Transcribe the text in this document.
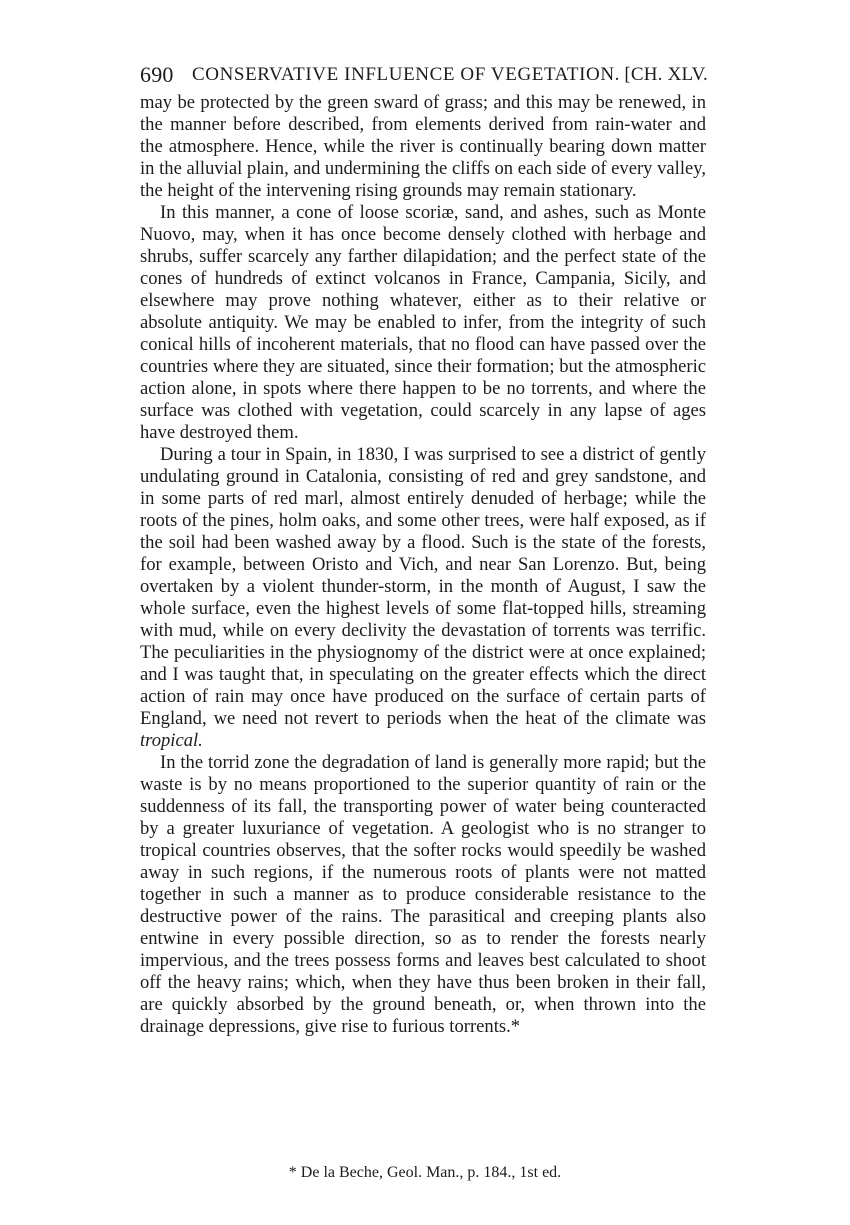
690 CONSERVATIVE INFLUENCE OF VEGETATION. [CH. XLV.

may be protected by the green sward of grass; and this may be renewed, in the manner before described, from elements derived from rain-water and the atmosphere. Hence, while the river is continually bearing down matter in the alluvial plain, and undermining the cliffs on each side of every valley, the height of the intervening rising grounds may remain stationary.

In this manner, a cone of loose scoriæ, sand, and ashes, such as Monte Nuovo, may, when it has once become densely clothed with herbage and shrubs, suffer scarcely any farther dilapidation; and the perfect state of the cones of hundreds of extinct volcanos in France, Campania, Sicily, and elsewhere may prove nothing whatever, either as to their relative or absolute antiquity. We may be enabled to infer, from the integrity of such conical hills of incoherent materials, that no flood can have passed over the countries where they are situated, since their formation; but the atmospheric action alone, in spots where there happen to be no torrents, and where the surface was clothed with vegetation, could scarcely in any lapse of ages have destroyed them.

During a tour in Spain, in 1830, I was surprised to see a district of gently undulating ground in Catalonia, consisting of red and grey sandstone, and in some parts of red marl, almost entirely denuded of herbage; while the roots of the pines, holm oaks, and some other trees, were half exposed, as if the soil had been washed away by a flood. Such is the state of the forests, for example, between Oristo and Vich, and near San Lorenzo. But, being overtaken by a violent thunder-storm, in the month of August, I saw the whole surface, even the highest levels of some flat-topped hills, streaming with mud, while on every declivity the devastation of torrents was terrific. The peculiarities in the physiognomy of the district were at once explained; and I was taught that, in speculating on the greater effects which the direct action of rain may once have produced on the surface of certain parts of England, we need not revert to periods when the heat of the climate was tropical.

In the torrid zone the degradation of land is generally more rapid; but the waste is by no means proportioned to the superior quantity of rain or the suddenness of its fall, the transporting power of water being counteracted by a greater luxuriance of vegetation. A geologist who is no stranger to tropical countries observes, that the softer rocks would speedily be washed away in such regions, if the numerous roots of plants were not matted together in such a manner as to produce considerable resistance to the destructive power of the rains. The parasitical and creeping plants also entwine in every possible direction, so as to render the forests nearly impervious, and the trees possess forms and leaves best calculated to shoot off the heavy rains; which, when they have thus been broken in their fall, are quickly absorbed by the ground beneath, or, when thrown into the drainage depressions, give rise to furious torrents.*

* De la Beche, Geol. Man., p. 184., 1st ed.
